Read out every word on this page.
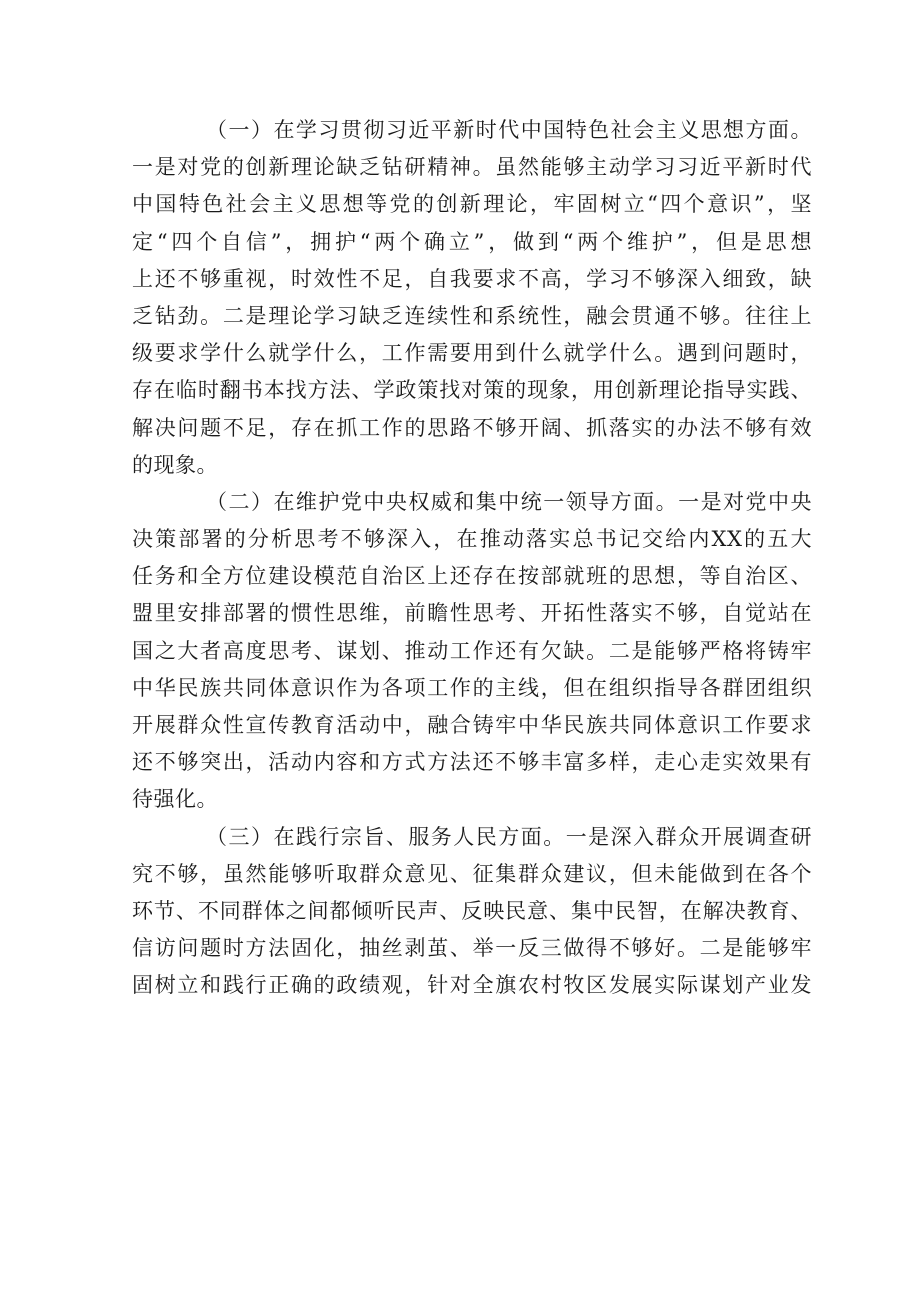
（一）在学习贯彻习近平新时代中国特色社会主义思想方面。
一是对党的创新理论缺乏钻研精神。虽然能够主动学习习近平新时代
中国特色社会主义思想等党的创新理论，牢固树立“四个意识”，坚
定“四个自信”，拥护“两个确立”，做到“两个维护”，但是思想
上还不够重视，时效性不足，自我要求不高，学习不够深入细致，缺
乏钻劲。二是理论学习缺乏连续性和系统性，融会贯通不够。往往上
级要求学什么就学什么，工作需要用到什么就学什么。遇到问题时，
存在临时翻书本找方法、学政策找对策的现象，用创新理论指导实践、
解决问题不足，存在抓工作的思路不够开阔、抓落实的办法不够有效
的现象。
（二）在维护党中央权威和集中统一领导方面。一是对党中央
决策部署的分析思考不够深入，在推动落实总书记交给内XX的五大
任务和全方位建设模范自治区上还存在按部就班的思想，等自治区、
盟里安排部署的惯性思维，前瞻性思考、开拓性落实不够，自觉站在
国之大者高度思考、谋划、推动工作还有欠缺。二是能够严格将铸牢
中华民族共同体意识作为各项工作的主线，但在组织指导各群团组织
开展群众性宣传教育活动中，融合铸牢中华民族共同体意识工作要求
还不够突出，活动内容和方式方法还不够丰富多样，走心走实效果有
待强化。
（三）在践行宗旨、服务人民方面。一是深入群众开展调查研
究不够，虽然能够听取群众意见、征集群众建议，但未能做到在各个
环节、不同群体之间都倾听民声、反映民意、集中民智，在解决教育、
信访问题时方法固化，抽丝剥茧、举一反三做得不够好。二是能够牢
固树立和践行正确的政绩观，针对全旗农村牧区发展实际谋划产业发
